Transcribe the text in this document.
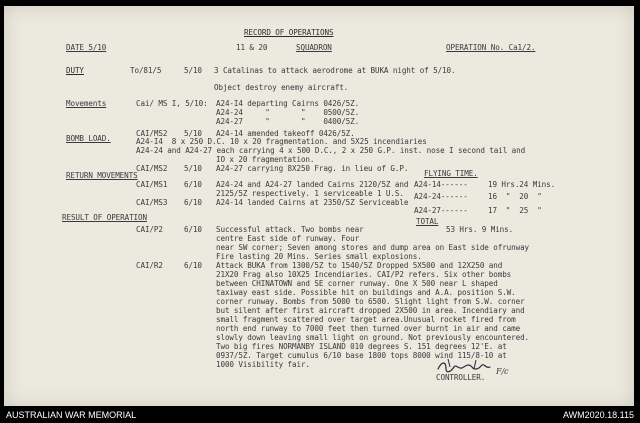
RECORD OF OPERATIONS
DATE 5/10	11 & 20	SQUADRON	OPERATION No. Ca1/2.
DUTY	To/81/5	5/10 3 Catalinas to attack aerodrome at BUKA night of 5/10.
Object destroy enemy aircraft.
Movements	Cai/ MS I, 5/10: A24-I4 departing Cairns 0426/5Z.
A24-24     "       "    0500/5Z.
A24-27     "       "    0400/5Z.
CAI/MS2 5/10 A24-14 amended takeoff 0426/5Z.
BOMB LOAD.	A24-I4  8 x 250 D.C. 10 x 20 fragmentation. and 5X25 incendiaries
A24-24 and A24-27 each carrying 4 x 500 D.C., 2 x 250 G.P. inst. nose I second tail and
IO x 20 fragmentation.
CAI/MS2 5/10 A24-27 carrying 8X250 Frag. in lieu of G.P.
RETURN MOVEMENTS	FLYING TIME.
CAI/MS1 6/10 A24-24 and A24-27 landed Cairns 2120/5Z and
2125/5Z respectively. 1 serviceable 1 U.S.
A24-14------	19 Hrs.24 Mins.
A24-24------	16  "  20  "
CAI/MS3 6/10 A24-14 landed Cairns at 2350/5Z Serviceable
A24-27------	17  "  25  "
RESULT OF OPERATION	TOTAL
53 Hrs. 9 Mins.
CAI/P2	6/10 Successful attack. Two bombs near
centre East side of runway. Four
near SW corner; Seven among stores and dump area on East side ofrunway
Fire lasting 20 Mins. Series small explosions.
CAI/R2	6/10 Attack BUKA from 1300/5Z to 1540/5Z Dropped 5X500 and 12X250 and
21X20 Frag also 10X25 Incendiaries. CAI/P2 refers. Six other bombs
between CHINATOWN and SE corner runway. One X 500 near L shaped
taxiway east side. Possible hit on buildings and A.A. position S.W.
corner runway. Bombs from 5000 to 6500. Slight light from S.W. corner
but silent after first aircraft dropped 2X500 in area. Incendiary and
small fragment scattered over target area.Unusual rocket fired from
north end runway to 7000 feet then turned over burnt in air and came
slowly down leaving small light on ground. Not previously encountered.
Two big fires NORMANBY ISLAND 010 degrees S. 151 degrees 12'E. at
0937/5Z. Target cumulus 6/10 base 1800 tops 8000 wind 115/8-10 at
1000 Visibility fair.
F/c
CONTROLLER.
AUSTRALIAN WAR MEMORIAL	AWM2020.18.115
